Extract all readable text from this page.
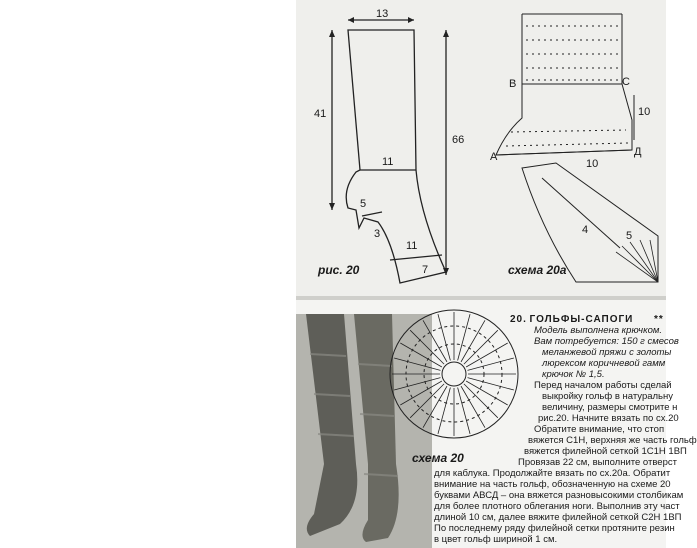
13
41
66
11
5
3
11
7
рис. 20
В	С
А	Д
10
10
4	5
схема 20а
схема 20

20. ГОЛЬФЫ-САПОГИ **

Модель выполнена крючком.

Вам потребуется: 150 г смесов

меланжевой пряжи с золоты

люрексом коричневой гамм

крючок № 1,5.

Перед началом работы сделай

выкройку гольф в натуральну

величину, размеры смотрите н

рис.20. Начните вязать по сх.20

Обратите внимание, что стоп

вяжется С1Н, верхняя же часть гольф

вяжется филейной сеткой 1С1Н 1ВП

Провязав 22 см, выполните отверст

для каблука. Продолжайте вязать по сх.20а. Обратит

внимание на часть гольф, обозначенную на схеме 20

буквами АВСД – она вяжется разновысокими столбикам

для более плотного облегания ноги. Выполнив эту част

длиной 10 см, далее вяжите филейной сеткой С2Н 1ВП

По последнему ряду филейной сетки протяните резин

в цвет гольф шириной 1 см.
